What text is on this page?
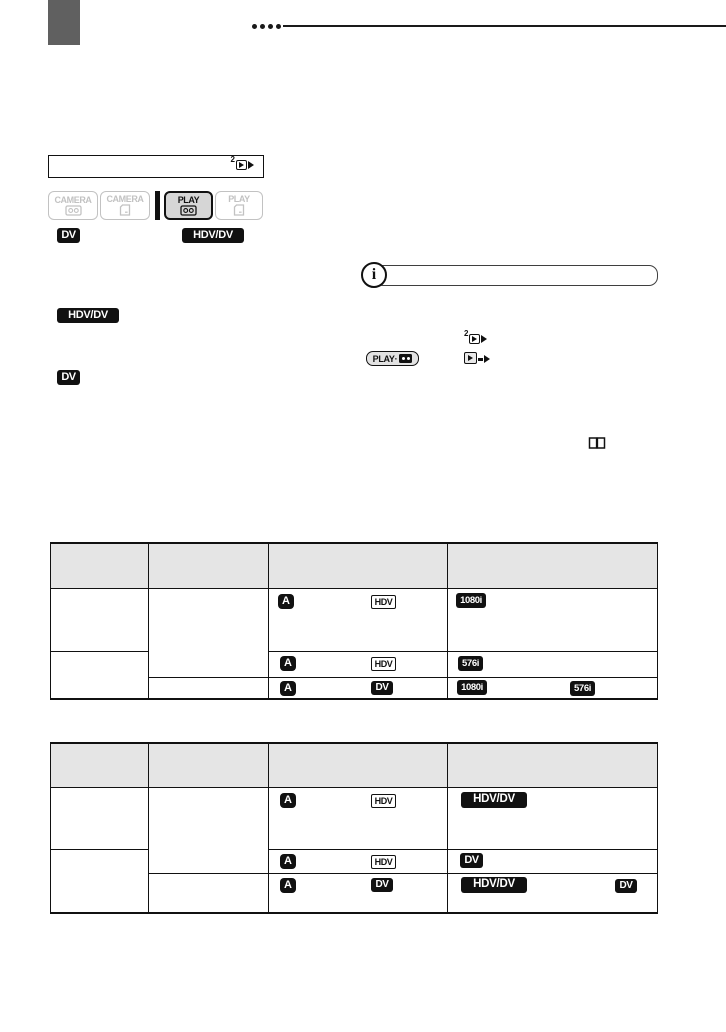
2
CAMERA CAMERA	PLAY	PLAY
DV	HDV/DV
HDV/DV
DV
i
PLAY·
2
A	HDV	1080i
A	HDV	576i
A	DV	1080i	576i
A	HDV	HDV/DV
A	HDV	DV
A	DV	HDV/DV	DV
